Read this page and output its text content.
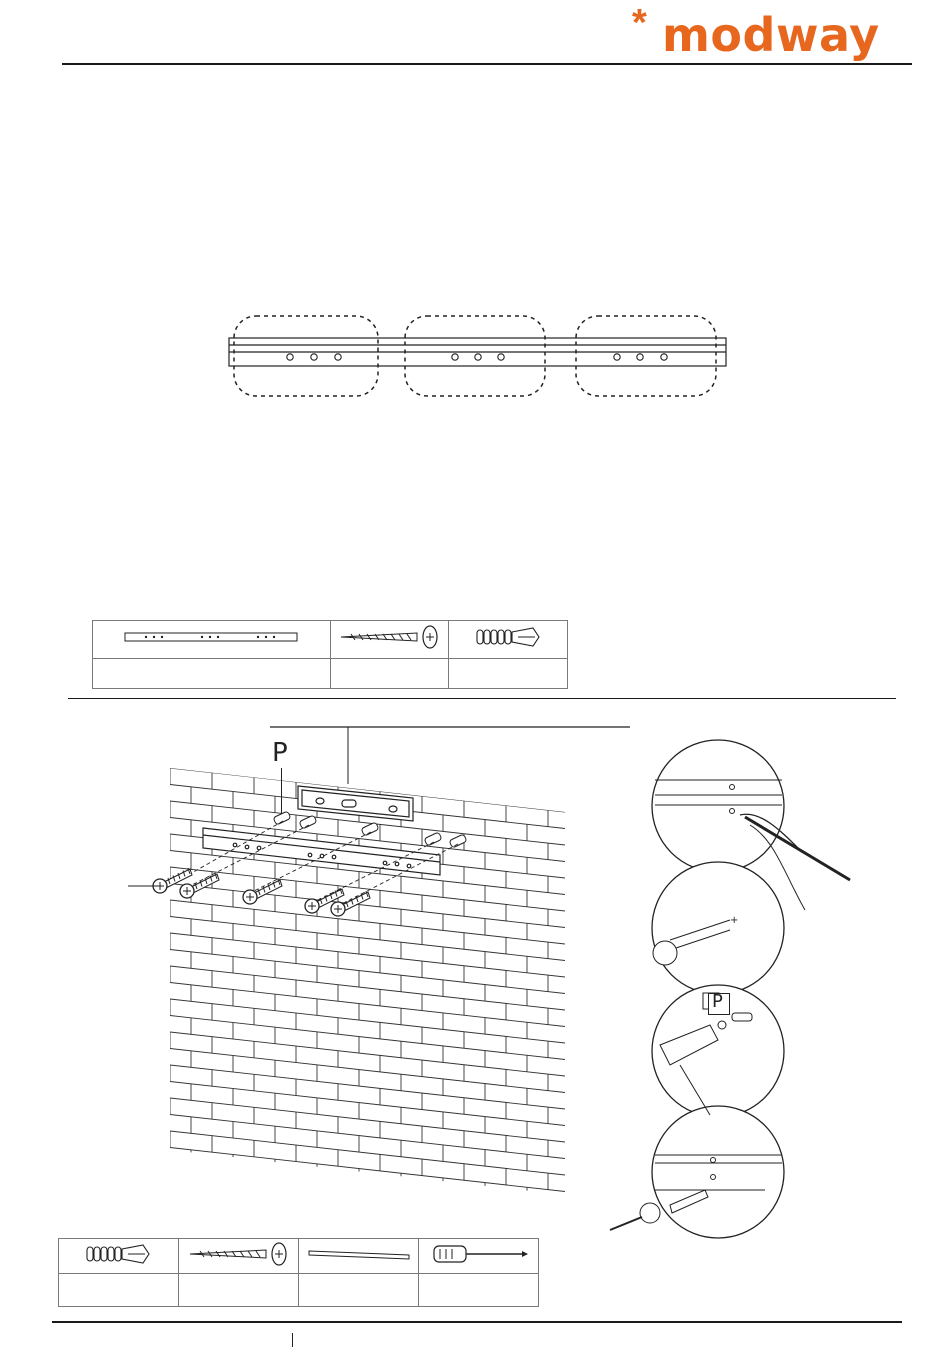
* modway

P
+
P
